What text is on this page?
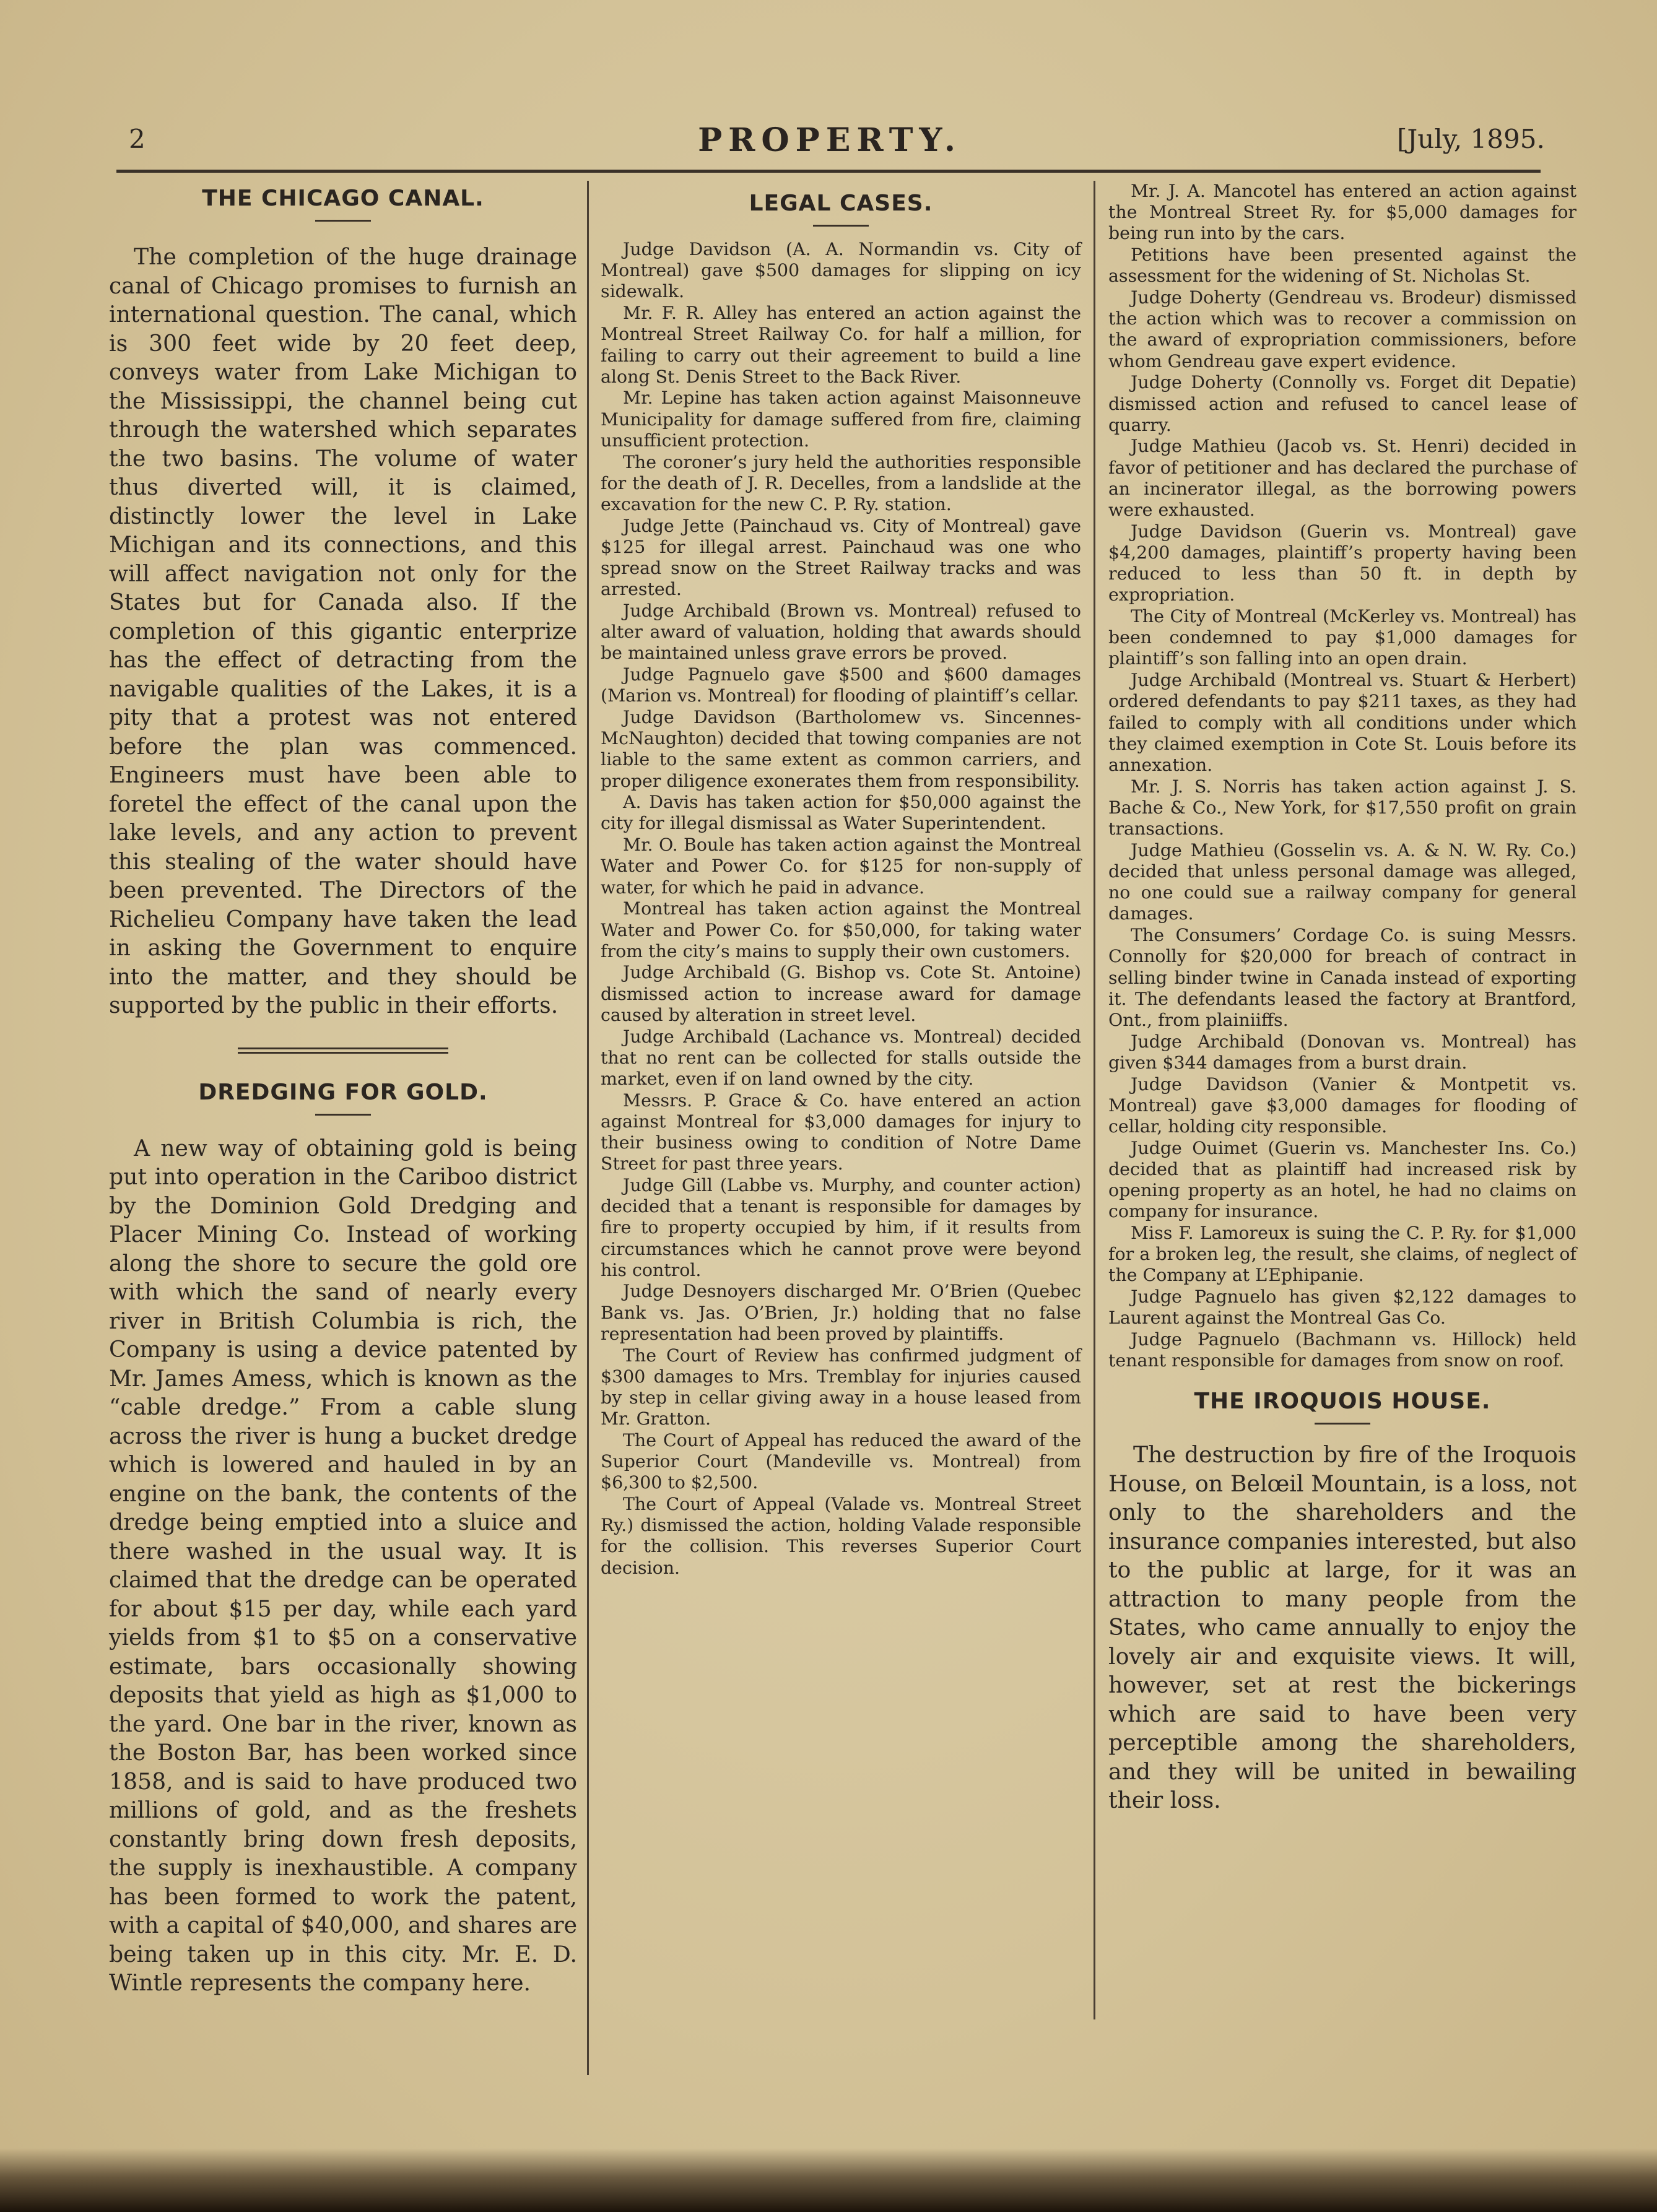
2	PROPERTY.	[July, 1895.
THE CHICAGO CANAL.

The completion of the huge drainage canal of Chicago promises to furnish an international question. The canal, which is 300 feet wide by 20 feet deep, conveys water from Lake Michigan to the Mississippi, the channel being cut through the watershed which separates the two basins. The volume of water thus diverted will, it is claimed, distinctly lower the level in Lake Michigan and its connections, and this will affect navigation not only for the States but for Canada also. If the completion of this gigantic enterprize has the effect of detracting from the navigable qualities of the Lakes, it is a pity that a protest was not entered before the plan was commenced. Engineers must have been able to foretel the effect of the canal upon the lake levels, and any action to prevent this stealing of the water should have been prevented. The Directors of the Richelieu Company have taken the lead in asking the Government to enquire into the matter, and they should be supported by the public in their efforts.

DREDGING FOR GOLD.

A new way of obtaining gold is being put into operation in the Cariboo district by the Dominion Gold Dredging and Placer Mining Co. Instead of working along the shore to secure the gold ore with which the sand of nearly every river in British Columbia is rich, the Company is using a device patented by Mr. James Amess, which is known as the “cable dredge.” From a cable slung across the river is hung a bucket dredge which is lowered and hauled in by an engine on the bank, the contents of the dredge being emptied into a sluice and there washed in the usual way. It is claimed that the dredge can be operated for about $15 per day, while each yard yields from $1 to $5 on a conservative estimate, bars occasionally showing deposits that yield as high as $1,000 to the yard. One bar in the river, known as the Boston Bar, has been worked since 1858, and is said to have produced two millions of gold, and as the freshets constantly bring down fresh deposits, the supply is inexhaustible. A company has been formed to work the patent, with a capital of $40,000, and shares are being taken up in this city. Mr. E. D. Wintle represents the company here.

LEGAL CASES.

Judge Davidson (A. A. Normandin vs. City of Montreal) gave $500 damages for slipping on icy sidewalk.

Mr. F. R. Alley has entered an action against the Montreal Street Railway Co. for half a million, for failing to carry out their agreement to build a line along St. Denis Street to the Back River.

Mr. Lepine has taken action against Maisonneuve Municipality for damage suffered from fire, claiming unsufficient protection.

The coroner’s jury held the authorities responsible for the death of J. R. Decelles, from a landslide at the excavation for the new C. P. Ry. station.

Judge Jette (Painchaud vs. City of Montreal) gave $125 for illegal arrest. Painchaud was one who spread snow on the Street Railway tracks and was arrested.

Judge Archibald (Brown vs. Montreal) refused to alter award of valuation, holding that awards should be maintained unless grave errors be proved.

Judge Pagnuelo gave $500 and $600 damages (Marion vs. Montreal) for flooding of plaintiff’s cellar.

Judge Davidson (Bartholomew vs. Sincennes-McNaughton) decided that towing companies are not liable to the same extent as common carriers, and proper diligence exonerates them from responsibility.

A. Davis has taken action for $50,000 against the city for illegal dismissal as Water Superintendent.

Mr. O. Boule has taken action against the Montreal Water and Power Co. for $125 for non-supply of water, for which he paid in advance.

Montreal has taken action against the Montreal Water and Power Co. for $50,000, for taking water from the city’s mains to supply their own customers.

Judge Archibald (G. Bishop vs. Cote St. Antoine) dismissed action to increase award for damage caused by alteration in street level.

Judge Archibald (Lachance vs. Montreal) decided that no rent can be collected for stalls outside the market, even if on land owned by the city.

Messrs. P. Grace & Co. have entered an action against Montreal for $3,000 damages for injury to their business owing to condition of Notre Dame Street for past three years.

Judge Gill (Labbe vs. Murphy, and counter action) decided that a tenant is responsible for damages by fire to property occupied by him, if it results from circumstances which he cannot prove were beyond his control.

Judge Desnoyers discharged Mr. O’Brien (Quebec Bank vs. Jas. O’Brien, Jr.) holding that no false representation had been proved by plaintiffs.

The Court of Review has confirmed judgment of $300 damages to Mrs. Tremblay for injuries caused by step in cellar giving away in a house leased from Mr. Gratton.

The Court of Appeal has reduced the award of the Superior Court (Mandeville vs. Montreal) from $6,300 to $2,500.

The Court of Appeal (Valade vs. Montreal Street Ry.) dismissed the action, holding Valade responsible for the collision. This reverses Superior Court decision.

Mr. J. A. Mancotel has entered an action against the Montreal Street Ry. for $5,000 damages for being run into by the cars.

Petitions have been presented against the assessment for the widening of St. Nicholas St.

Judge Doherty (Gendreau vs. Brodeur) dismissed the action which was to recover a commission on the award of expropriation commissioners, before whom Gendreau gave expert evidence.

Judge Doherty (Connolly vs. Forget dit Depatie) dismissed action and refused to cancel lease of quarry.

Judge Mathieu (Jacob vs. St. Henri) decided in favor of petitioner and has declared the purchase of an incinerator illegal, as the borrowing powers were exhausted.

Judge Davidson (Guerin vs. Montreal) gave $4,200 damages, plaintiff’s property having been reduced to less than 50 ft. in depth by expropriation.

The City of Montreal (McKerley vs. Montreal) has been condemned to pay $1,000 damages for plaintiff’s son falling into an open drain.

Judge Archibald (Montreal vs. Stuart & Herbert) ordered defendants to pay $211 taxes, as they had failed to comply with all conditions under which they claimed exemption in Cote St. Louis before its annexation.

Mr. J. S. Norris has taken action against J. S. Bache & Co., New York, for $17,550 profit on grain transactions.

Judge Mathieu (Gosselin vs. A. & N. W. Ry. Co.) decided that unless personal damage was alleged, no one could sue a railway company for general damages.

The Consumers’ Cordage Co. is suing Messrs. Connolly for $20,000 for breach of contract in selling binder twine in Canada instead of exporting it. The defendants leased the factory at Brantford, Ont., from plainiiffs.

Judge Archibald (Donovan vs. Montreal) has given $344 damages from a burst drain.

Judge Davidson (Vanier & Montpetit vs. Montreal) gave $3,000 damages for flooding of cellar, holding city responsible.

Judge Ouimet (Guerin vs. Manchester Ins. Co.) decided that as plaintiff had increased risk by opening property as an hotel, he had no claims on company for insurance.

Miss F. Lamoreux is suing the C. P. Ry. for $1,000 for a broken leg, the result, she claims, of neglect of the Company at L’Ephipanie.

Judge Pagnuelo has given $2,122 damages to Laurent against the Montreal Gas Co.

Judge Pagnuelo (Bachmann vs. Hillock) held tenant responsible for damages from snow on roof.

THE IROQUOIS HOUSE.

The destruction by fire of the Iroquois House, on Belœil Mountain, is a loss, not only to the shareholders and the insurance companies interested, but also to the public at large, for it was an attraction to many people from the States, who came annually to enjoy the lovely air and exquisite views. It will, however, set at rest the bickerings which are said to have been very perceptible among the shareholders, and they will be united in bewailing their loss.
